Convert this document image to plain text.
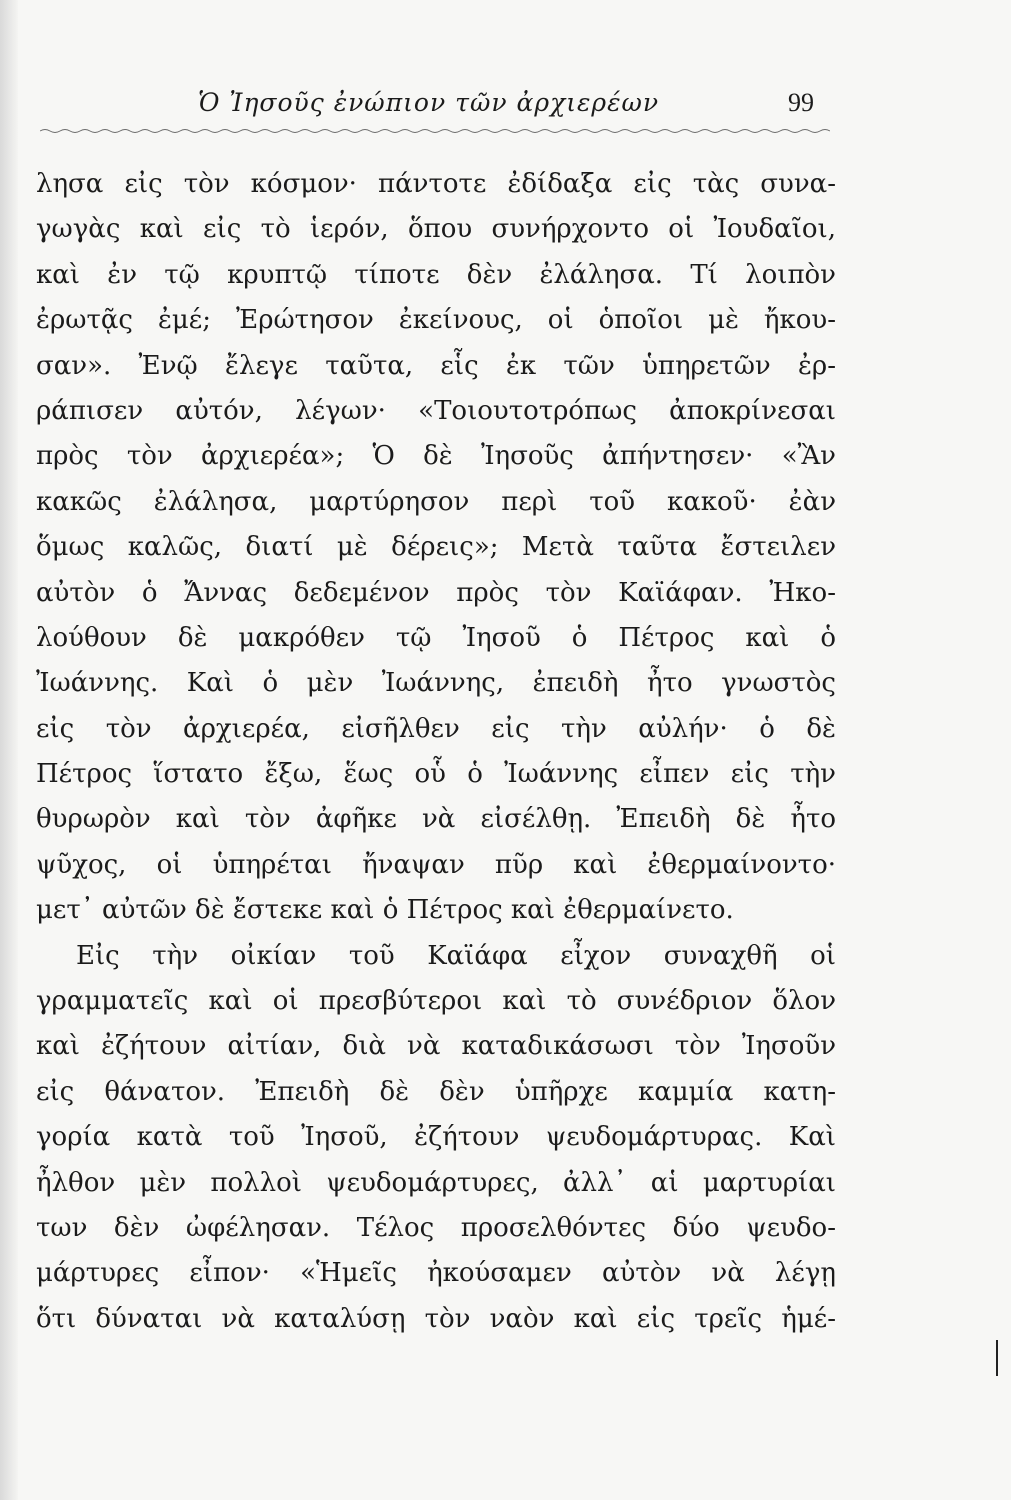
Ὁ Ἰησοῦς ἐνώπιον τῶν ἀρχιερέων	99
λησα εἰς τὸν κόσμον· πάντοτε ἐδίδαξα εἰς τὰς συνα-
γωγὰς καὶ εἰς τὸ ἱερόν, ὅπου συνήρχοντο οἱ Ἰουδαῖοι,
καὶ ἐν τῷ κρυπτῷ τίποτε δὲν ἐλάλησα. Τί λοιπὸν
ἐρωτᾷς ἐμέ; Ἐρώτησον ἐκείνους, οἱ ὁποῖοι μὲ ἤκου-
σαν». Ἐνῷ ἔλεγε ταῦτα, εἷς ἐκ τῶν ὑπηρετῶν ἐρ-
ράπισεν αὐτόν, λέγων· «Τοιουτοτρόπως ἀποκρίνεσαι
πρὸς τὸν ἀρχιερέα»; Ὁ δὲ Ἰησοῦς ἀπήντησεν· «Ἂν
κακῶς ἐλάλησα, μαρτύρησον περὶ τοῦ κακοῦ· ἐὰν
ὅμως καλῶς, διατί μὲ δέρεις»; Μετὰ ταῦτα ἔστειλεν
αὐτὸν ὁ Ἄννας δεδεμένον πρὸς τὸν Καϊάφαν. Ἠκο-
λούθουν δὲ μακρόθεν τῷ Ἰησοῦ ὁ Πέτρος καὶ ὁ
Ἰωάννης. Καὶ ὁ μὲν Ἰωάννης, ἐπειδὴ ἦτο γνωστὸς
εἰς τὸν ἀρχιερέα, εἰσῆλθεν εἰς τὴν αὐλήν· ὁ δὲ
Πέτρος ἵστατο ἔξω, ἕως οὗ ὁ Ἰωάννης εἶπεν εἰς τὴν
θυρωρὸν καὶ τὸν ἀφῆκε νὰ εἰσέλθῃ. Ἐπειδὴ δὲ ἦτο
ψῦχος, οἱ ὑπηρέται ἤναψαν πῦρ καὶ ἐθερμαίνοντο·
μετ᾽ αὐτῶν δὲ ἔστεκε καὶ ὁ Πέτρος καὶ ἐθερμαίνετο.
Εἰς τὴν οἰκίαν τοῦ Καϊάφα εἶχον συναχθῆ οἱ
γραμματεῖς καὶ οἱ πρεσβύτεροι καὶ τὸ συνέδριον ὅλον
καὶ ἐζήτουν αἰτίαν, διὰ νὰ καταδικάσωσι τὸν Ἰησοῦν
εἰς θάνατον. Ἐπειδὴ δὲ δὲν ὑπῆρχε καμμία κατη-
γορία κατὰ τοῦ Ἰησοῦ, ἐζήτουν ψευδομάρτυρας. Καὶ
ἦλθον μὲν πολλοὶ ψευδομάρτυρες, ἀλλ᾽ αἱ μαρτυρίαι
των δὲν ὠφέλησαν. Τέλος προσελθόντες δύο ψευδο-
μάρτυρες εἶπον· «Ἡμεῖς ἠκούσαμεν αὐτὸν νὰ λέγῃ
ὅτι δύναται νὰ καταλύσῃ τὸν ναὸν καὶ εἰς τρεῖς ἡμέ-
